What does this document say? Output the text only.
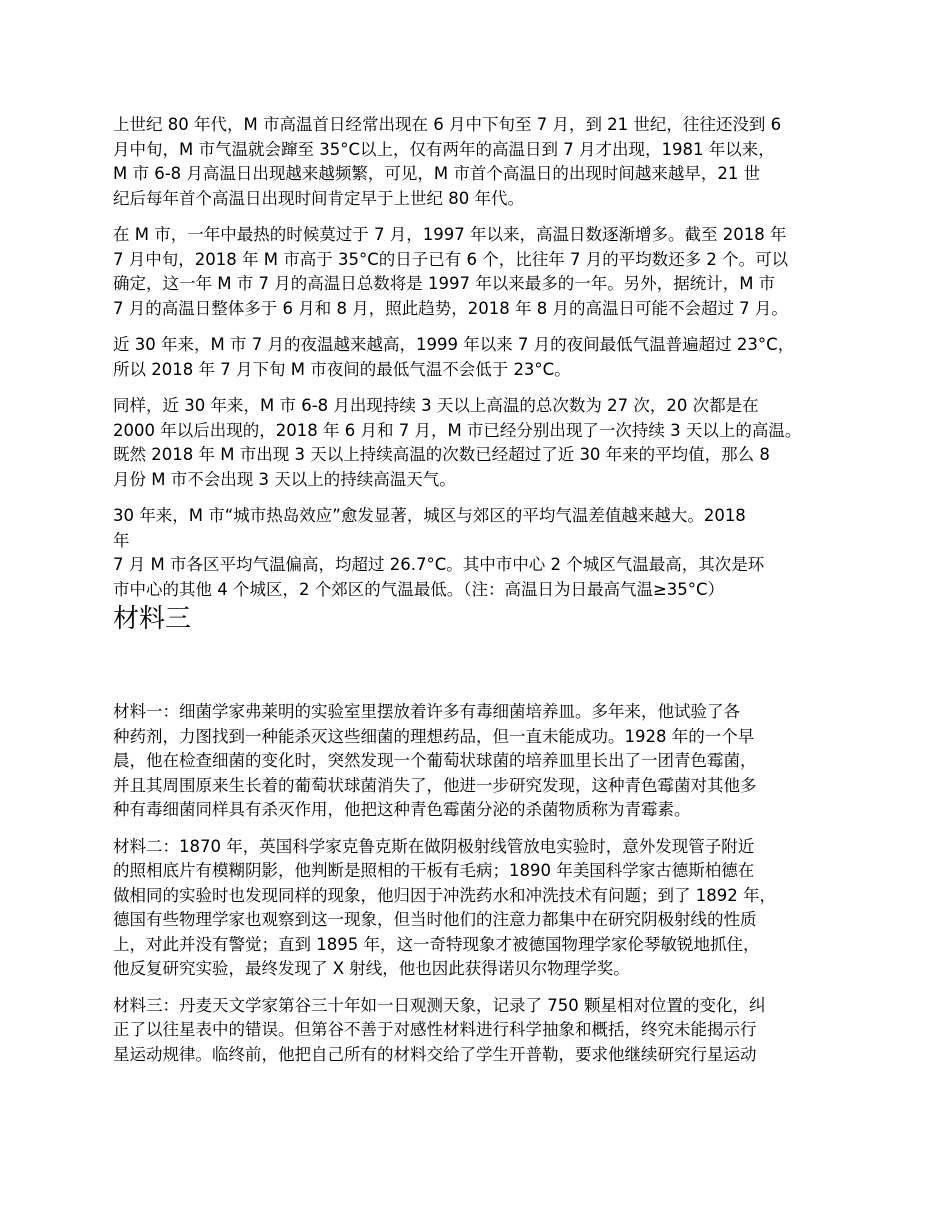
上世纪 80 年代，M 市高温首日经常出现在 6 月中下旬至 7 月，到 21 世纪，往往还没到 6
月中旬，M 市气温就会蹿至 35°C以上，仅有两年的高温日到 7 月才出现，1981 年以来，
M 市 6-8 月高温日出现越来越频繁，可见，M 市首个高温日的出现时间越来越早，21 世
纪后每年首个高温日出现时间肯定早于上世纪 80 年代。

在 M 市，一年中最热的时候莫过于 7 月，1997 年以来，高温日数逐渐增多。截至 2018 年
7 月中旬，2018 年 M 市高于 35°C的日子已有 6 个，比往年 7 月的平均数还多 2 个。可以
确定，这一年 M 市 7 月的高温日总数将是 1997 年以来最多的一年。另外，据统计，M 市
7 月的高温日整体多于 6 月和 8 月，照此趋势，2018 年 8 月的高温日可能不会超过 7 月。

近 30 年来，M 市 7 月的夜温越来越高，1999 年以来 7 月的夜间最低气温普遍超过 23°C，
所以 2018 年 7 月下旬 M 市夜间的最低气温不会低于 23°C。

同样，近 30 年来，M 市 6-8 月出现持续 3 天以上高温的总次数为 27 次，20 次都是在
2000 年以后出现的，2018 年 6 月和 7 月，M 市已经分别出现了一次持续 3 天以上的高温。
既然 2018 年 M 市出现 3 天以上持续高温的次数已经超过了近 30 年来的平均值，那么 8
月份 M 市不会出现 3 天以上的持续高温天气。

30 年来，M 市“城市热岛效应”愈发显著，城区与郊区的平均气温差值越来越大。2018
年
7 月 M 市各区平均气温偏高，均超过 26.7°C。其中市中心 2 个城区气温最高，其次是环
市中心的其他 4 个城区，2 个郊区的气温最低。（注：高温日为日最高气温≥35°C）

材料三

材料一：细菌学家弗莱明的实验室里摆放着许多有毒细菌培养皿。多年来，他试验了各
种药剂，力图找到一种能杀灭这些细菌的理想药品，但一直未能成功。1928 年的一个早
晨，他在检查细菌的变化时，突然发现一个葡萄状球菌的培养皿里长出了一团青色霉菌，
并且其周围原来生长着的葡萄状球菌消失了，他进一步研究发现，这种青色霉菌对其他多
种有毒细菌同样具有杀灭作用，他把这种青色霉菌分泌的杀菌物质称为青霉素。

材料二：1870 年，英国科学家克鲁克斯在做阴极射线管放电实验时，意外发现管子附近
的照相底片有模糊阴影，他判断是照相的干板有毛病；1890 年美国科学家古德斯柏德在
做相同的实验时也发现同样的现象，他归因于冲洗药水和冲洗技术有问题；到了 1892 年，
德国有些物理学家也观察到这一现象，但当时他们的注意力都集中在研究阴极射线的性质
上，对此并没有警觉；直到 1895 年，这一奇特现象才被德国物理学家伦琴敏锐地抓住，
他反复研究实验，最终发现了 X 射线，他也因此获得诺贝尔物理学奖。

材料三：丹麦天文学家第谷三十年如一日观测天象，记录了 750 颗星相对位置的变化，纠
正了以往星表中的错误。但第谷不善于对感性材料进行科学抽象和概括，终究未能揭示行
星运动规律。临终前，他把自己所有的材料交给了学生开普勒，要求他继续研究行星运动
